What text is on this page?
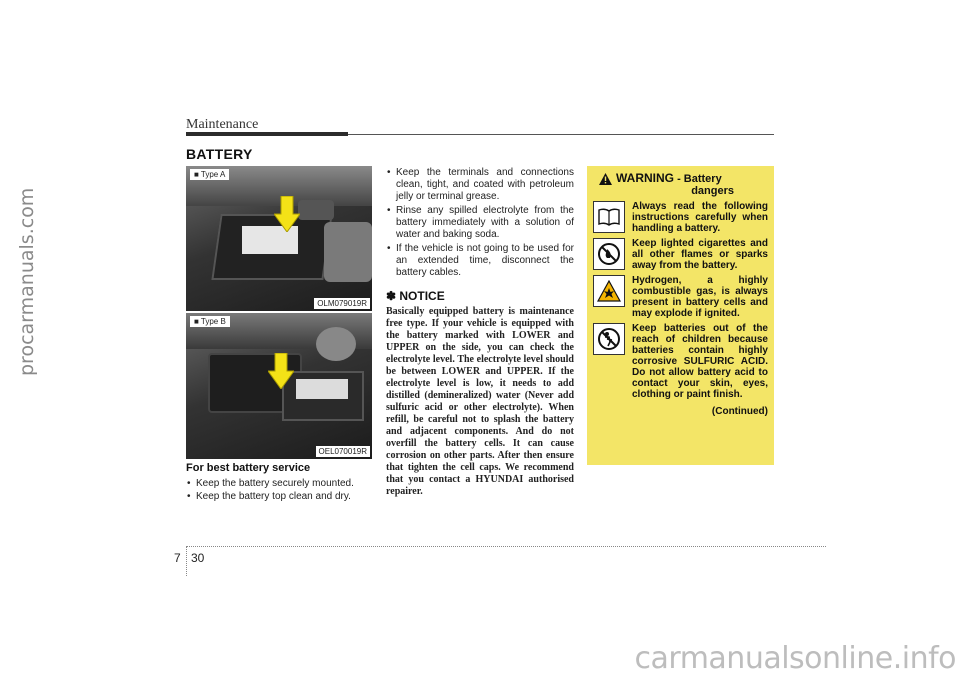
procarmanuals.com
Maintenance
BATTERY
■ Type A
OLM079019R
■ Type B
OEL070019R
For best battery service
• Keep the battery securely mounted.
• Keep the battery top clean and dry.
• Keep the terminals and connections clean, tight, and coated with petroleum jelly or terminal grease.
• Rinse any spilled electrolyte from the battery immediately with a solution of water and baking soda.
• If the vehicle is not going to be used for an extended time, disconnect the battery cables.
✽ NOTICE

Basically equipped battery is maintenance free type. If your vehicle is equipped with the battery marked with LOWER and UPPER on the side, you can check the electrolyte level. The electrolyte level should be between LOWER and UPPER. If the electrolyte level is low, it needs to add distilled (demineralized) water (Never add sulfuric acid or other electrolyte). When refill, be careful not to splash the battery and adjacent components. And do not overfill the battery cells. It can cause corrosion on other parts. After then ensure that tighten the cell caps. We recommend that you contact a HYUNDAI authorised repairer.

WARNING - Battery
dangers
Always read the following instructions carefully when handling a battery.
Keep lighted cigarettes and all other flames or sparks away from the battery.
Hydrogen, a highly combustible gas, is always present in battery cells and may explode if ignited.
Keep batteries out of the reach of children because batteries contain highly corrosive SULFURIC ACID. Do not allow battery acid to contact your skin, eyes, clothing or paint finish.
(Continued)
7 30
carmanualsonline.info
